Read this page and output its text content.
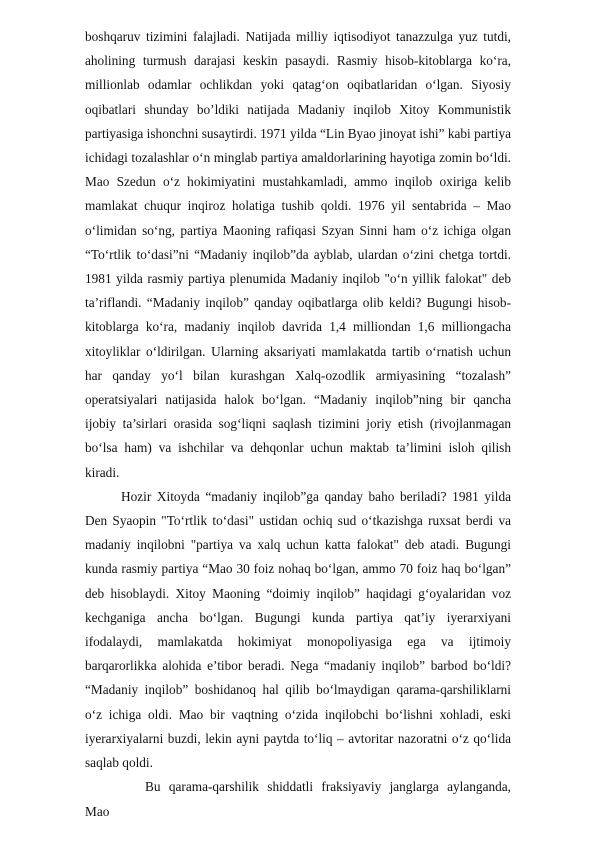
boshqaruv tizimini falajladi. Natijada milliy iqtisodiyot tanazzulga yuz tutdi, aholining turmush darajasi keskin pasaydi. Rasmiy hisob-kitoblarga ko‘ra, millionlab odamlar ochlikdan yoki qatag‘on oqibatlaridan o‘lgan. Siyosiy oqibatlari shunday bo’ldiki natijada Madaniy inqilob Xitoy Kommunistik partiyasiga ishonchni susaytirdi. 1971 yilda “Lin Byao jinoyat ishi” kabi partiya ichidagi tozalashlar o‘n minglab partiya amaldorlarining hayotiga zomin bo‘ldi. Mao Szedun o‘z hokimiyatini mustahkamladi, ammo inqilob oxiriga kelib mamlakat chuqur inqiroz holatiga tushib qoldi. 1976 yil sentabrida – Mao o‘limidan so‘ng, partiya Maoning rafiqasi Szyan Sinni ham o‘z ichiga olgan “To‘rtlik to‘dasi”ni “Madaniy inqilob”da ayblab, ulardan o‘zini chetga tortdi. 1981 yilda rasmiy partiya plenumida Madaniy inqilob "o‘n yillik falokat" deb ta’riflandi. “Madaniy inqilob” qanday oqibatlarga olib keldi? Bugungi hisob-kitoblarga ko‘ra, madaniy inqilob davrida 1,4 milliondan 1,6 milliongacha xitoyliklar o‘ldirilgan. Ularning aksariyati mamlakatda tartib o‘rnatish uchun har qanday yo‘l bilan kurashgan Xalq-ozodlik armiyasining “tozalash” operatsiyalari natijasida halok bo‘lgan. “Madaniy inqilob”ning bir qancha ijobiy ta’sirlari orasida sog‘liqni saqlash tizimini joriy etish (rivojlanmagan bo‘lsa ham) va ishchilar va dehqonlar uchun maktab ta’limini isloh qilish kiradi.

Hozir Xitoyda “madaniy inqilob”ga qanday baho beriladi? 1981 yilda Den Syaopin "To‘rtlik to‘dasi" ustidan ochiq sud o‘tkazishga ruxsat berdi va madaniy inqilobni "partiya va xalq uchun katta falokat" deb atadi. Bugungi kunda rasmiy partiya “Mao 30 foiz nohaq bo‘lgan, ammo 70 foiz haq bo‘lgan” deb hisoblaydi. Xitoy Maoning “doimiy inqilob” haqidagi g‘oyalaridan voz kechganiga ancha bo‘lgan. Bugungi kunda partiya qat’iy iyerarxiyani ifodalaydi, mamlakatda hokimiyat monopoliyasiga ega va ijtimoiy barqarorlikka alohida e’tibor beradi. Nega “madaniy inqilob” barbod bo‘ldi? “Madaniy inqilob” boshidanoq hal qilib bo‘lmaydigan qarama-qarshiliklarni o‘z ichiga oldi. Mao bir vaqtning o‘zida inqilobchi bo‘lishni xohladi, eski iyerarxiyalarni buzdi, lekin ayni paytda to‘liq – avtoritar nazoratni o‘z qo‘lida saqlab qoldi.

Bu qarama-qarshilik shiddatli fraksiyaviy janglarga aylanganda, Mao
